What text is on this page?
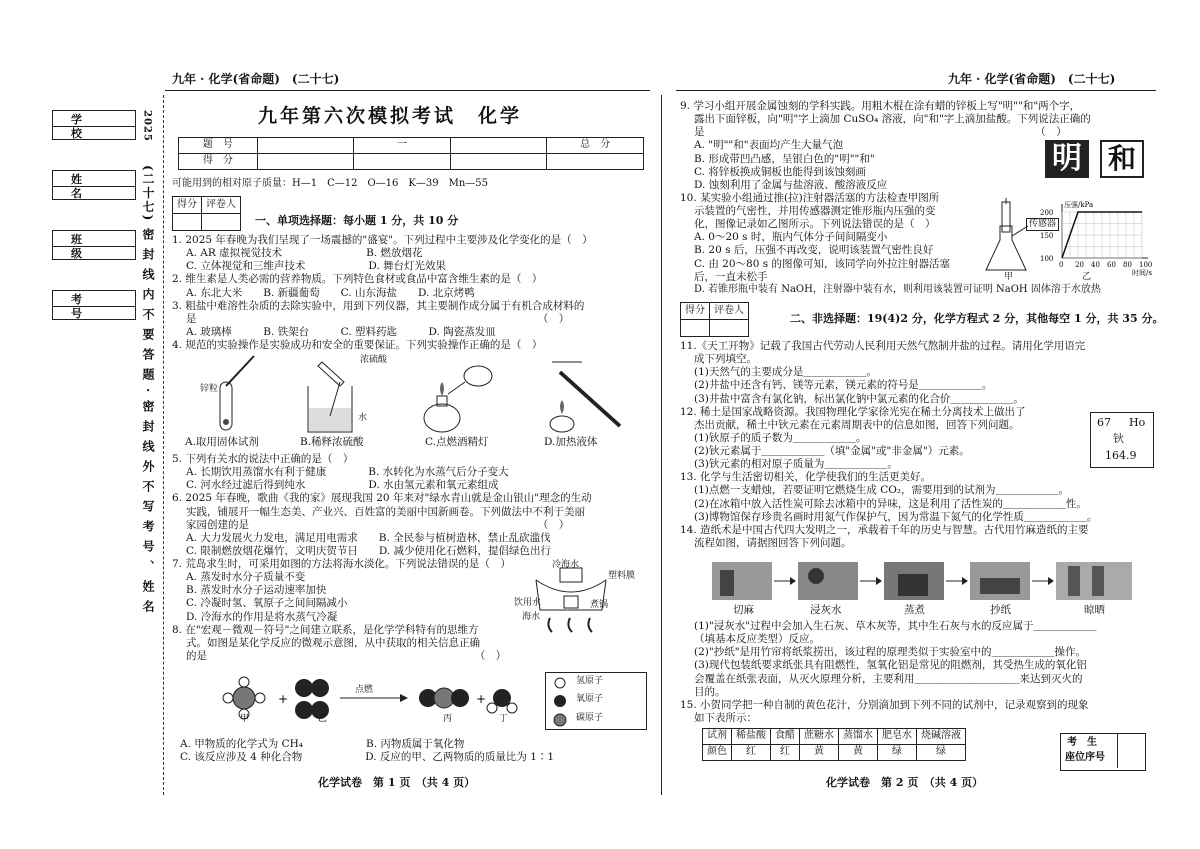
九年 · 化学(省命题)　(二十七)	九年 · 化学(省命题)　(二十七)
学校
姓名
班级
考号
2025
(二十七)
密封线内不要答题·密封线外不写考号、姓名
九年第六次模拟考试　化学
题　号		一		总　分
得　分				
可能用到的相对原子质量：H—1　C—12　O—16　K—39　Mn—55
得分	评卷人

一、单项选择题：每小题 1 分，共 10 分
1. 2025 年春晚为我们呈现了一场震撼的"盛宴"。下列过程中主要涉及化学变化的是（　）
A. AR 虚拟视觉技术　　　　　　　　B. 燃放烟花
C. 立体视觉和三维声技术　　　　　　D. 舞台灯光效果
2. 维生素是人类必需的营养物质。下列特色食材或食品中富含维生素的是（　）
A. 东北大米　　B. 新疆葡萄　　C. 山东海盐　　D. 北京烤鸭
3. 粗盐中难溶性杂质的去除实验中，用到下列仪器，其主要制作成分属于有机合成材料的
是　　　　　　　　　　　　　　　　　　　　　　　　　　　　　　　　　（　）
A. 玻璃棒　　　B. 铁架台　　　C. 塑料药匙　　　D. 陶瓷蒸发皿
4. 规范的实验操作是实验成功和安全的重要保证。下列实验操作正确的是（　）
锌粒
浓硫酸
水
A.取用固体试剂	B.稀释浓硫酸	C.点燃酒精灯	D.加热液体
5. 下列有关水的说法中正确的是（　）
A. 长期饮用蒸馏水有利于健康　　　　B. 水转化为水蒸气后分子变大
C. 河水经过滤后得到纯水　　　　　　D. 水由氢元素和氧元素组成
6. 2025 年春晚，歌曲《我的家》展现我国 20 年来对"绿水青山就是金山银山"理念的生动
实践，铺展开一幅生态美、产业兴、百姓富的美丽中国新画卷。下列做法中不利于美丽
家园创建的是　　　　　　　　　　　　　　　　　　　　　　　　　　　　（　）
A. 大力发展火力发电，满足用电需求　　B. 全民参与植树造林，禁止乱砍滥伐
C. 限制燃放烟花爆竹，文明庆贺节日　　D. 减少使用化石燃料，提倡绿色出行
7. 荒岛求生时，可采用如图的方法将海水淡化。下列说法错误的是（　）
A. 蒸发时水分子质量不变
B. 蒸发时水分子运动速率加快
C. 冷凝时氢、氧原子之间间隔减小
D. 冷海水的作用是将水蒸气冷凝
8. 在"宏观－微观－符号"之间建立联系，是化学学科特有的思维方
式。如图是某化学反应的微观示意图，从中获取的相关信息正确
的是　　　　　　　　　　　　　　　　　　　　　　　　　　（　）
冷海水
塑料膜
饮用水
海水
煮锅
+	+
点燃
甲	乙	丙	丁
氢原子
氧原子
碳原子
A. 甲物质的化学式为 CH₄　　　　　　B. 丙物质属于氧化物
C. 该反应涉及 4 种化合物　　　　　　D. 反应的甲、乙两物质的质量比为 1∶1
化学试卷　第 1 页　（共 4 页）
9. 学习小组开展金属蚀刻的学科实践。用粗木棍在涂有蜡的锌板上写"明""和"两个字，
露出下面锌板，向"明"字上滴加 CuSO₄ 溶液，向"和"字上滴加盐酸。下列说法正确的
是　　　　　　　　　　　　　　　　　　　　　　　　　　　　　　　　（　）
A. "明""和"表面均产生大量气泡
B. 形成带凹凸感，呈银白色的"明""和"
C. 将锌板换成铜板也能得到该蚀刻画
D. 蚀刻利用了金属与盐溶液、酸溶液反应
10. 某实验小组通过推(拉)注射器活塞的方法检查甲图所
示装置的气密性，并用传感器测定锥形瓶内压强的变
化，图像记录如乙图所示。下列说法错误的是（　）
A. 0～20 s 时，瓶内气体分子间间隔变小
B. 20 s 后，压强不再改变，说明该装置气密性良好
C. 由 20～80 s 的图像可知，该同学向外拉注射器活塞
后，一直未松手
D. 若锥形瓶中装有 NaOH，注射器中装有水，则利用该装置可证明 NaOH 固体溶于水放热
明 和
传感器
甲
0 20 40 60 80 100
100
150
200
压强/kPa
时间/s
乙
得分	评卷人

二、非选择题：19(4)2 分，化学方程式 2 分，其他每空 1 分，共 35 分。
11.《天工开物》记载了我国古代劳动人民利用天然气熬制井盐的过程。请用化学用语完
成下列填空。
(1)天然气的主要成分是＿＿＿＿＿＿。
(2)井盐中还含有钙、镁等元素，镁元素的符号是＿＿＿＿＿＿。
(3)井盐中富含有氯化钠，标出氯化钠中氯元素的化合价＿＿＿＿＿＿。
12. 稀土是国家战略资源。我国物理化学家徐光宪在稀土分离技术上做出了
杰出贡献，稀土中钬元素在元素周期表中的信息如图，回答下列问题。
(1)钬原子的质子数为＿＿＿＿＿＿。
(2)钬元素属于＿＿＿＿＿＿（填"金属"或"非金属"）元素。
(3)钬元素的相对原子质量为＿＿＿＿＿＿。
13. 化学与生活密切相关，化学使我们的生活更美好。
(1)点燃一支蜡烛，若要证明它燃烧生成 CO₂，需要用到的试剂为＿＿＿＿＿＿。
(2)在冰箱中放入活性炭可除去冰箱中的异味，这是利用了活性炭的＿＿＿＿＿＿性。
(3)博物馆保存珍贵名画时用氮气作保护气，因为常温下氮气的化学性质＿＿＿＿＿＿。
14. 造纸术是中国古代四大发明之一，承载着千年的历史与智慧。古代用竹麻造纸的主要
流程如图，请据图回答下列问题。
67 Ho
钬
164.9
切麻	浸灰水	蒸煮	抄纸	晾晒
(1)"浸灰水"过程中会加入生石灰、草木灰等，其中生石灰与水的反应属于＿＿＿＿＿＿
（填基本反应类型）反应。
(2)"抄纸"是用竹帘将纸浆捞出，该过程的原理类似于实验室中的＿＿＿＿＿＿操作。
(3)现代包装纸要求纸张具有阻燃性，氢氧化铝是常见的阻燃剂，其受热生成的氧化铝
会覆盖在纸张表面，从灭火原理分析，主要利用＿＿＿＿＿＿＿＿＿＿来达到灭火的
目的。
15. 小贺同学把一种自制的黄色花汁，分别滴加到下列不同的试剂中，记录观察到的现象
如下表所示：
试剂	稀盐酸	食醋	蔗糖水	蒸馏水	肥皂水	烧碱溶液
颜色	红	红	黄	黄	绿	绿
考　生
座位序号
化学试卷　第 2 页　（共 4 页）
